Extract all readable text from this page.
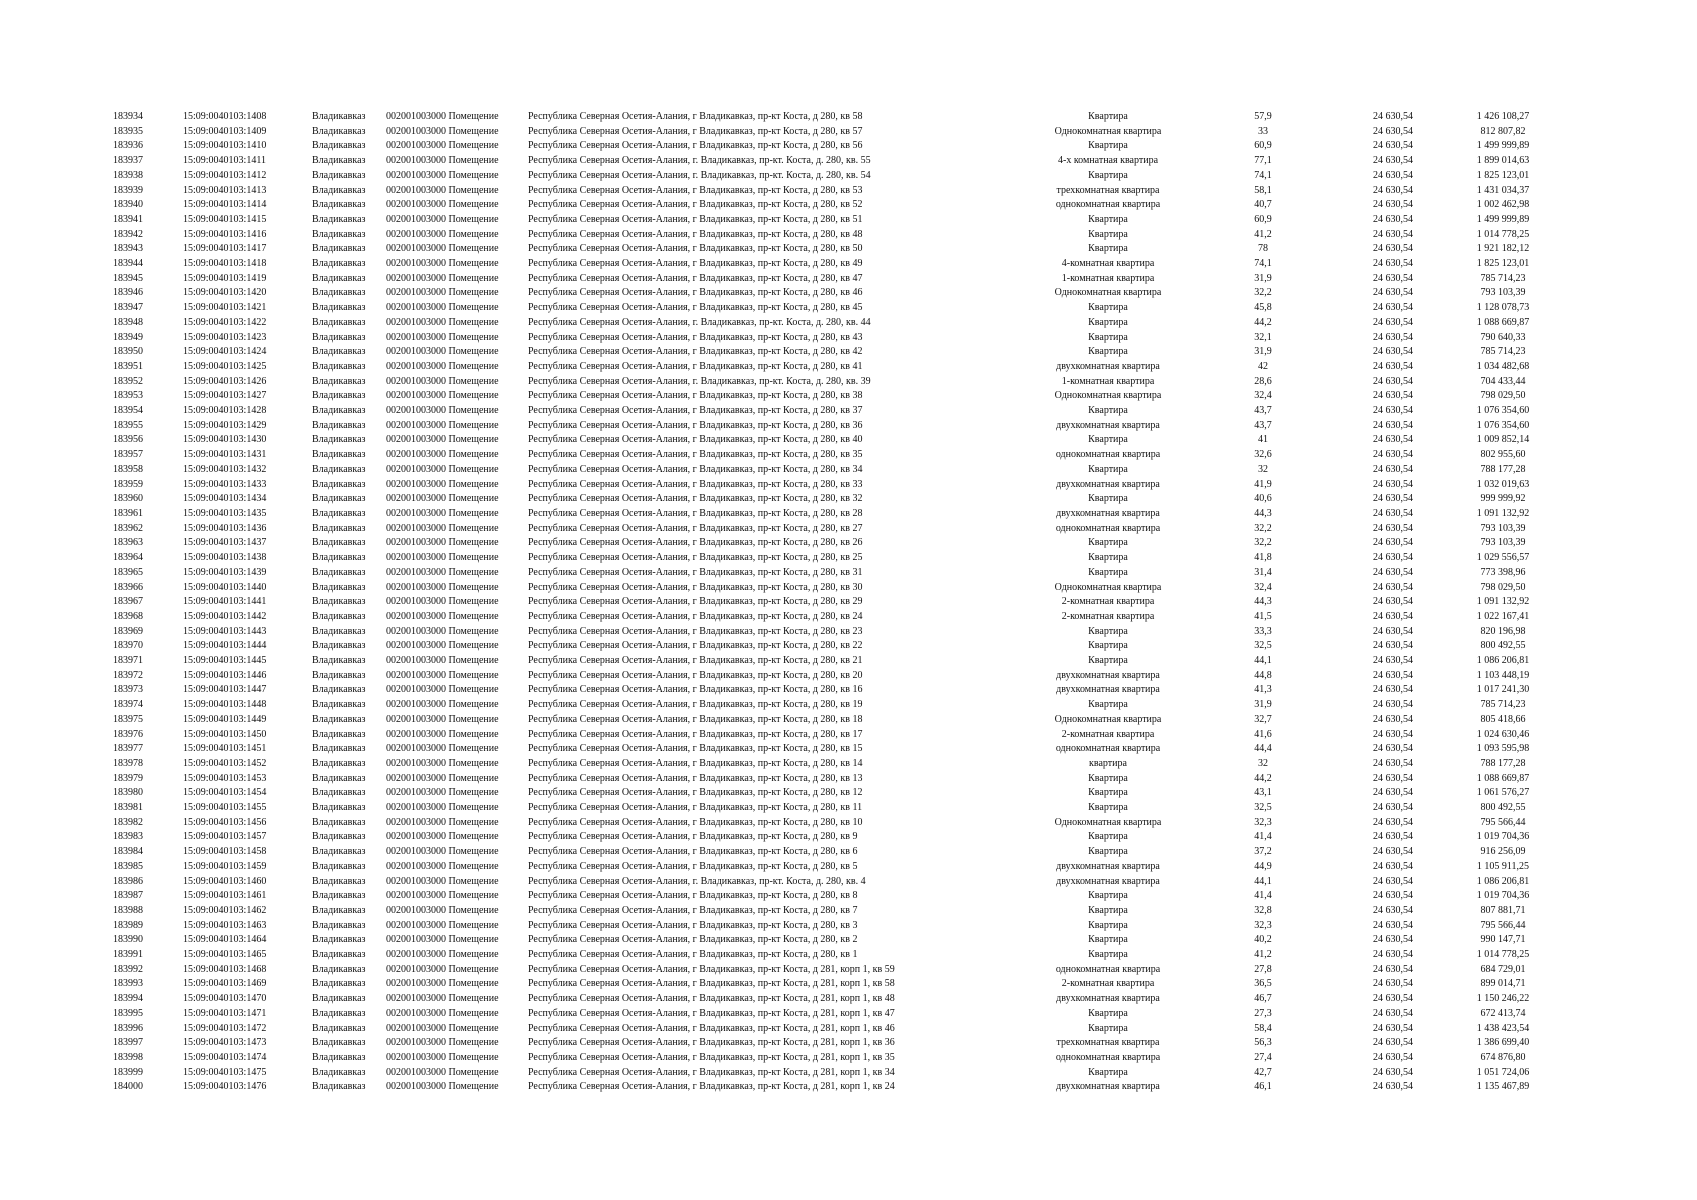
183934	15:09:0040103:1408	Владикавказ	002001003000 Помещение	Республика Северная Осетия-Алания, г Владикавказ, пр-кт Коста, д 280, кв 58	Квартира	57,9	24 630,54	1 426 108,27
183935	15:09:0040103:1409	Владикавказ	002001003000 Помещение	Республика Северная Осетия-Алания, г Владикавказ, пр-кт Коста, д 280, кв 57	Однокомнатная квартира	33	24 630,54	812 807,82
183936	15:09:0040103:1410	Владикавказ	002001003000 Помещение	Республика Северная Осетия-Алания, г Владикавказ, пр-кт Коста, д 280, кв 56	Квартира	60,9	24 630,54	1 499 999,89
183937	15:09:0040103:1411	Владикавказ	002001003000 Помещение	Республика Северная Осетия-Алания, г. Владикавказ, пр-кт. Коста, д. 280, кв. 55	4-х комнатная квартира	77,1	24 630,54	1 899 014,63
183938	15:09:0040103:1412	Владикавказ	002001003000 Помещение	Республика Северная Осетия-Алания, г. Владикавказ, пр-кт. Коста, д. 280, кв. 54	Квартира	74,1	24 630,54	1 825 123,01
183939	15:09:0040103:1413	Владикавказ	002001003000 Помещение	Республика Северная Осетия-Алания, г Владикавказ, пр-кт Коста, д 280, кв 53	трехкомнатная квартира	58,1	24 630,54	1 431 034,37
183940	15:09:0040103:1414	Владикавказ	002001003000 Помещение	Республика Северная Осетия-Алания, г Владикавказ, пр-кт Коста, д 280, кв 52	однокомнатная квартира	40,7	24 630,54	1 002 462,98
183941	15:09:0040103:1415	Владикавказ	002001003000 Помещение	Республика Северная Осетия-Алания, г Владикавказ, пр-кт Коста, д 280, кв 51	Квартира	60,9	24 630,54	1 499 999,89
183942	15:09:0040103:1416	Владикавказ	002001003000 Помещение	Республика Северная Осетия-Алания, г Владикавказ, пр-кт Коста, д 280, кв 48	Квартира	41,2	24 630,54	1 014 778,25
183943	15:09:0040103:1417	Владикавказ	002001003000 Помещение	Республика Северная Осетия-Алания, г Владикавказ, пр-кт Коста, д 280, кв 50	Квартира	78	24 630,54	1 921 182,12
183944	15:09:0040103:1418	Владикавказ	002001003000 Помещение	Республика Северная Осетия-Алания, г Владикавказ, пр-кт Коста, д 280, кв 49	4-комнатная квартира	74,1	24 630,54	1 825 123,01
183945	15:09:0040103:1419	Владикавказ	002001003000 Помещение	Республика Северная Осетия-Алания, г Владикавказ, пр-кт Коста, д 280, кв 47	1-комнатная квартира	31,9	24 630,54	785 714,23
183946	15:09:0040103:1420	Владикавказ	002001003000 Помещение	Республика Северная Осетия-Алания, г Владикавказ, пр-кт Коста, д 280, кв 46	Однокомнатная квартира	32,2	24 630,54	793 103,39
183947	15:09:0040103:1421	Владикавказ	002001003000 Помещение	Республика Северная Осетия-Алания, г Владикавказ, пр-кт Коста, д 280, кв 45	Квартира	45,8	24 630,54	1 128 078,73
183948	15:09:0040103:1422	Владикавказ	002001003000 Помещение	Республика Северная Осетия-Алания, г. Владикавказ, пр-кт. Коста, д. 280, кв. 44	Квартира	44,2	24 630,54	1 088 669,87
183949	15:09:0040103:1423	Владикавказ	002001003000 Помещение	Республика Северная Осетия-Алания, г Владикавказ, пр-кт Коста, д 280, кв 43	Квартира	32,1	24 630,54	790 640,33
183950	15:09:0040103:1424	Владикавказ	002001003000 Помещение	Республика Северная Осетия-Алания, г Владикавказ, пр-кт Коста, д 280, кв 42	Квартира	31,9	24 630,54	785 714,23
183951	15:09:0040103:1425	Владикавказ	002001003000 Помещение	Республика Северная Осетия-Алания, г Владикавказ, пр-кт Коста, д 280, кв 41	двухкомнатная квартира	42	24 630,54	1 034 482,68
183952	15:09:0040103:1426	Владикавказ	002001003000 Помещение	Республика Северная Осетия-Алания, г. Владикавказ, пр-кт. Коста, д. 280, кв. 39	1-комнатная квартира	28,6	24 630,54	704 433,44
183953	15:09:0040103:1427	Владикавказ	002001003000 Помещение	Республика Северная Осетия-Алания, г Владикавказ, пр-кт Коста, д 280, кв 38	Однокомнатная квартира	32,4	24 630,54	798 029,50
183954	15:09:0040103:1428	Владикавказ	002001003000 Помещение	Республика Северная Осетия-Алания, г Владикавказ, пр-кт Коста, д 280, кв 37	Квартира	43,7	24 630,54	1 076 354,60
183955	15:09:0040103:1429	Владикавказ	002001003000 Помещение	Республика Северная Осетия-Алания, г Владикавказ, пр-кт Коста, д 280, кв 36	двухкомнатная квартира	43,7	24 630,54	1 076 354,60
183956	15:09:0040103:1430	Владикавказ	002001003000 Помещение	Республика Северная Осетия-Алания, г Владикавказ, пр-кт Коста, д 280, кв 40	Квартира	41	24 630,54	1 009 852,14
183957	15:09:0040103:1431	Владикавказ	002001003000 Помещение	Республика Северная Осетия-Алания, г Владикавказ, пр-кт Коста, д 280, кв 35	однокомнатная квартира	32,6	24 630,54	802 955,60
183958	15:09:0040103:1432	Владикавказ	002001003000 Помещение	Республика Северная Осетия-Алания, г Владикавказ, пр-кт Коста, д 280, кв 34	Квартира	32	24 630,54	788 177,28
183959	15:09:0040103:1433	Владикавказ	002001003000 Помещение	Республика Северная Осетия-Алания, г Владикавказ, пр-кт Коста, д 280, кв 33	двухкомнатная квартира	41,9	24 630,54	1 032 019,63
183960	15:09:0040103:1434	Владикавказ	002001003000 Помещение	Республика Северная Осетия-Алания, г Владикавказ, пр-кт Коста, д 280, кв 32	Квартира	40,6	24 630,54	999 999,92
183961	15:09:0040103:1435	Владикавказ	002001003000 Помещение	Республика Северная Осетия-Алания, г Владикавказ, пр-кт Коста, д 280, кв 28	двухкомнатная квартира	44,3	24 630,54	1 091 132,92
183962	15:09:0040103:1436	Владикавказ	002001003000 Помещение	Республика Северная Осетия-Алания, г Владикавказ, пр-кт Коста, д 280, кв 27	однокомнатная квартира	32,2	24 630,54	793 103,39
183963	15:09:0040103:1437	Владикавказ	002001003000 Помещение	Республика Северная Осетия-Алания, г Владикавказ, пр-кт Коста, д 280, кв 26	Квартира	32,2	24 630,54	793 103,39
183964	15:09:0040103:1438	Владикавказ	002001003000 Помещение	Республика Северная Осетия-Алания, г Владикавказ, пр-кт Коста, д 280, кв 25	Квартира	41,8	24 630,54	1 029 556,57
183965	15:09:0040103:1439	Владикавказ	002001003000 Помещение	Республика Северная Осетия-Алания, г Владикавказ, пр-кт Коста, д 280, кв 31	Квартира	31,4	24 630,54	773 398,96
183966	15:09:0040103:1440	Владикавказ	002001003000 Помещение	Республика Северная Осетия-Алания, г Владикавказ, пр-кт Коста, д 280, кв 30	Однокомнатная квартира	32,4	24 630,54	798 029,50
183967	15:09:0040103:1441	Владикавказ	002001003000 Помещение	Республика Северная Осетия-Алания, г Владикавказ, пр-кт Коста, д 280, кв 29	2-комнатная квартира	44,3	24 630,54	1 091 132,92
183968	15:09:0040103:1442	Владикавказ	002001003000 Помещение	Республика Северная Осетия-Алания, г Владикавказ, пр-кт Коста, д 280, кв 24	2-комнатная квартира	41,5	24 630,54	1 022 167,41
183969	15:09:0040103:1443	Владикавказ	002001003000 Помещение	Республика Северная Осетия-Алания, г Владикавказ, пр-кт Коста, д 280, кв 23	Квартира	33,3	24 630,54	820 196,98
183970	15:09:0040103:1444	Владикавказ	002001003000 Помещение	Республика Северная Осетия-Алания, г Владикавказ, пр-кт Коста, д 280, кв 22	Квартира	32,5	24 630,54	800 492,55
183971	15:09:0040103:1445	Владикавказ	002001003000 Помещение	Республика Северная Осетия-Алания, г Владикавказ, пр-кт Коста, д 280, кв 21	Квартира	44,1	24 630,54	1 086 206,81
183972	15:09:0040103:1446	Владикавказ	002001003000 Помещение	Республика Северная Осетия-Алания, г Владикавказ, пр-кт Коста, д 280, кв 20	двухкомнатная квартира	44,8	24 630,54	1 103 448,19
183973	15:09:0040103:1447	Владикавказ	002001003000 Помещение	Республика Северная Осетия-Алания, г Владикавказ, пр-кт Коста, д 280, кв 16	двухкомнатная квартира	41,3	24 630,54	1 017 241,30
183974	15:09:0040103:1448	Владикавказ	002001003000 Помещение	Республика Северная Осетия-Алания, г Владикавказ, пр-кт Коста, д 280, кв 19	Квартира	31,9	24 630,54	785 714,23
183975	15:09:0040103:1449	Владикавказ	002001003000 Помещение	Республика Северная Осетия-Алания, г Владикавказ, пр-кт Коста, д 280, кв 18	Однокомнатная квартира	32,7	24 630,54	805 418,66
183976	15:09:0040103:1450	Владикавказ	002001003000 Помещение	Республика Северная Осетия-Алания, г Владикавказ, пр-кт Коста, д 280, кв 17	2-комнатная квартира	41,6	24 630,54	1 024 630,46
183977	15:09:0040103:1451	Владикавказ	002001003000 Помещение	Республика Северная Осетия-Алания, г Владикавказ, пр-кт Коста, д 280, кв 15	однокомнатная квартира	44,4	24 630,54	1 093 595,98
183978	15:09:0040103:1452	Владикавказ	002001003000 Помещение	Республика Северная Осетия-Алания, г Владикавказ, пр-кт Коста, д 280, кв 14	квартира	32	24 630,54	788 177,28
183979	15:09:0040103:1453	Владикавказ	002001003000 Помещение	Республика Северная Осетия-Алания, г Владикавказ, пр-кт Коста, д 280, кв 13	Квартира	44,2	24 630,54	1 088 669,87
183980	15:09:0040103:1454	Владикавказ	002001003000 Помещение	Республика Северная Осетия-Алания, г Владикавказ, пр-кт Коста, д 280, кв 12	Квартира	43,1	24 630,54	1 061 576,27
183981	15:09:0040103:1455	Владикавказ	002001003000 Помещение	Республика Северная Осетия-Алания, г Владикавказ, пр-кт Коста, д 280, кв 11	Квартира	32,5	24 630,54	800 492,55
183982	15:09:0040103:1456	Владикавказ	002001003000 Помещение	Республика Северная Осетия-Алания, г Владикавказ, пр-кт Коста, д 280, кв 10	Однокомнатная квартира	32,3	24 630,54	795 566,44
183983	15:09:0040103:1457	Владикавказ	002001003000 Помещение	Республика Северная Осетия-Алания, г Владикавказ, пр-кт Коста, д 280, кв 9	Квартира	41,4	24 630,54	1 019 704,36
183984	15:09:0040103:1458	Владикавказ	002001003000 Помещение	Республика Северная Осетия-Алания, г Владикавказ, пр-кт Коста, д 280, кв 6	Квартира	37,2	24 630,54	916 256,09
183985	15:09:0040103:1459	Владикавказ	002001003000 Помещение	Республика Северная Осетия-Алания, г Владикавказ, пр-кт Коста, д 280, кв 5	двухкомнатная квартира	44,9	24 630,54	1 105 911,25
183986	15:09:0040103:1460	Владикавказ	002001003000 Помещение	Республика Северная Осетия-Алания, г. Владикавказ, пр-кт. Коста, д. 280, кв. 4	двухкомнатная квартира	44,1	24 630,54	1 086 206,81
183987	15:09:0040103:1461	Владикавказ	002001003000 Помещение	Республика Северная Осетия-Алания, г Владикавказ, пр-кт Коста, д 280, кв 8	Квартира	41,4	24 630,54	1 019 704,36
183988	15:09:0040103:1462	Владикавказ	002001003000 Помещение	Республика Северная Осетия-Алания, г Владикавказ, пр-кт Коста, д 280, кв 7	Квартира	32,8	24 630,54	807 881,71
183989	15:09:0040103:1463	Владикавказ	002001003000 Помещение	Республика Северная Осетия-Алания, г Владикавказ, пр-кт Коста, д 280, кв 3	Квартира	32,3	24 630,54	795 566,44
183990	15:09:0040103:1464	Владикавказ	002001003000 Помещение	Республика Северная Осетия-Алания, г Владикавказ, пр-кт Коста, д 280, кв 2	Квартира	40,2	24 630,54	990 147,71
183991	15:09:0040103:1465	Владикавказ	002001003000 Помещение	Республика Северная Осетия-Алания, г Владикавказ, пр-кт Коста, д 280, кв 1	Квартира	41,2	24 630,54	1 014 778,25
183992	15:09:0040103:1468	Владикавказ	002001003000 Помещение	Республика Северная Осетия-Алания, г Владикавказ, пр-кт Коста, д 281, корп 1, кв 59	однокомнатная квартира	27,8	24 630,54	684 729,01
183993	15:09:0040103:1469	Владикавказ	002001003000 Помещение	Республика Северная Осетия-Алания, г Владикавказ, пр-кт Коста, д 281, корп 1, кв 58	2-комнатная квартира	36,5	24 630,54	899 014,71
183994	15:09:0040103:1470	Владикавказ	002001003000 Помещение	Республика Северная Осетия-Алания, г Владикавказ, пр-кт Коста, д 281, корп 1, кв 48	двухкомнатная квартира	46,7	24 630,54	1 150 246,22
183995	15:09:0040103:1471	Владикавказ	002001003000 Помещение	Республика Северная Осетия-Алания, г Владикавказ, пр-кт Коста, д 281, корп 1, кв 47	Квартира	27,3	24 630,54	672 413,74
183996	15:09:0040103:1472	Владикавказ	002001003000 Помещение	Республика Северная Осетия-Алания, г Владикавказ, пр-кт Коста, д 281, корп 1, кв 46	Квартира	58,4	24 630,54	1 438 423,54
183997	15:09:0040103:1473	Владикавказ	002001003000 Помещение	Республика Северная Осетия-Алания, г Владикавказ, пр-кт Коста, д 281, корп 1, кв 36	трехкомнатная квартира	56,3	24 630,54	1 386 699,40
183998	15:09:0040103:1474	Владикавказ	002001003000 Помещение	Республика Северная Осетия-Алания, г Владикавказ, пр-кт Коста, д 281, корп 1, кв 35	однокомнатная квартира	27,4	24 630,54	674 876,80
183999	15:09:0040103:1475	Владикавказ	002001003000 Помещение	Республика Северная Осетия-Алания, г Владикавказ, пр-кт Коста, д 281, корп 1, кв 34	Квартира	42,7	24 630,54	1 051 724,06
184000	15:09:0040103:1476	Владикавказ	002001003000 Помещение	Республика Северная Осетия-Алания, г Владикавказ, пр-кт Коста, д 281, корп 1, кв 24	двухкомнатная квартира	46,1	24 630,54	1 135 467,89
